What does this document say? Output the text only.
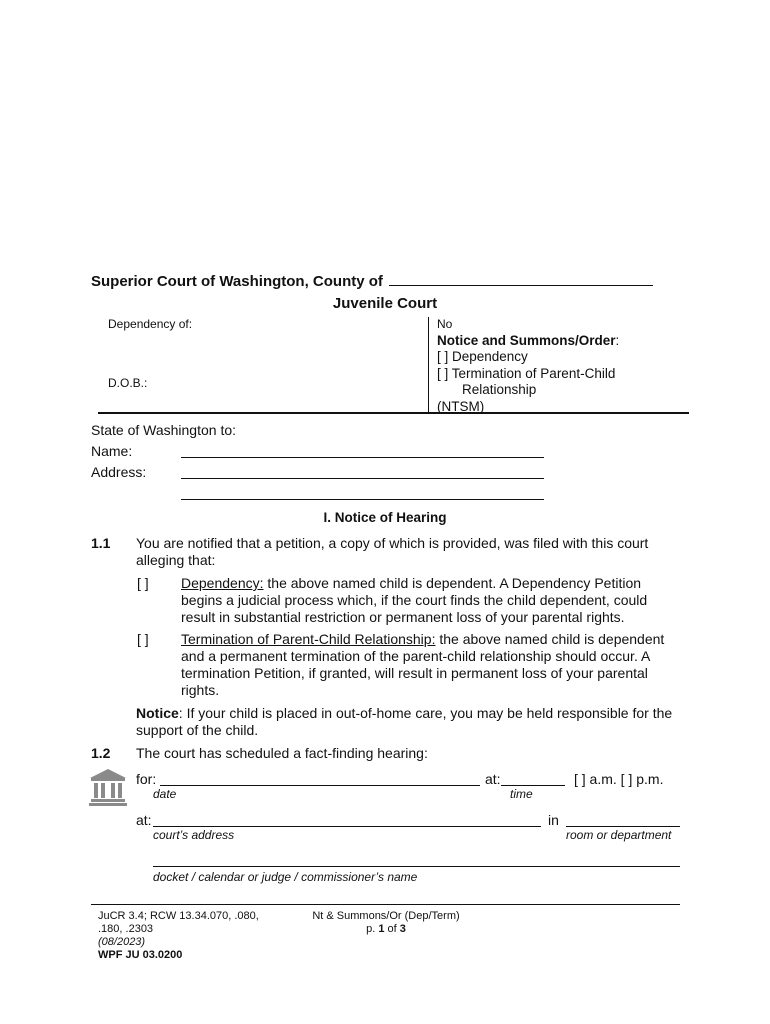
Superior Court of Washington, County of
Juvenile Court
Dependency of:
D.O.B.:
No
Notice and Summons/Order:
[ ] Dependency
[ ] Termination of Parent-Child
Relationship
(NTSM)
State of Washington to:
Name:
Address:
I. Notice of Hearing
1.1 You are notified that a petition, a copy of which is provided, was filed with this court alleging that:
[ ] Dependency: the above named child is dependent. A Dependency Petition begins a judicial process which, if the court finds the child dependent, could result in substantial restriction or permanent loss of your parental rights.
[ ] Termination of Parent-Child Relationship: the above named child is dependent and a permanent termination of the parent-child relationship should occur. A termination Petition, if granted, will result in permanent loss of your parental rights.
Notice: If your child is placed in out-of-home care, you may be held responsible for the support of the child.
1.2 The court has scheduled a fact-finding hearing:
for:	at:	[ ] a.m. [ ] p.m.
date	time
at:	in
court’s address	room or department
docket / calendar or judge / commissioner’s name
JuCR 3.4; RCW 13.34.070, .080,
.180, .2303
(08/2023)
WPF JU 03.0200
Nt & Summons/Or (Dep/Term)
p. 1 of 3
